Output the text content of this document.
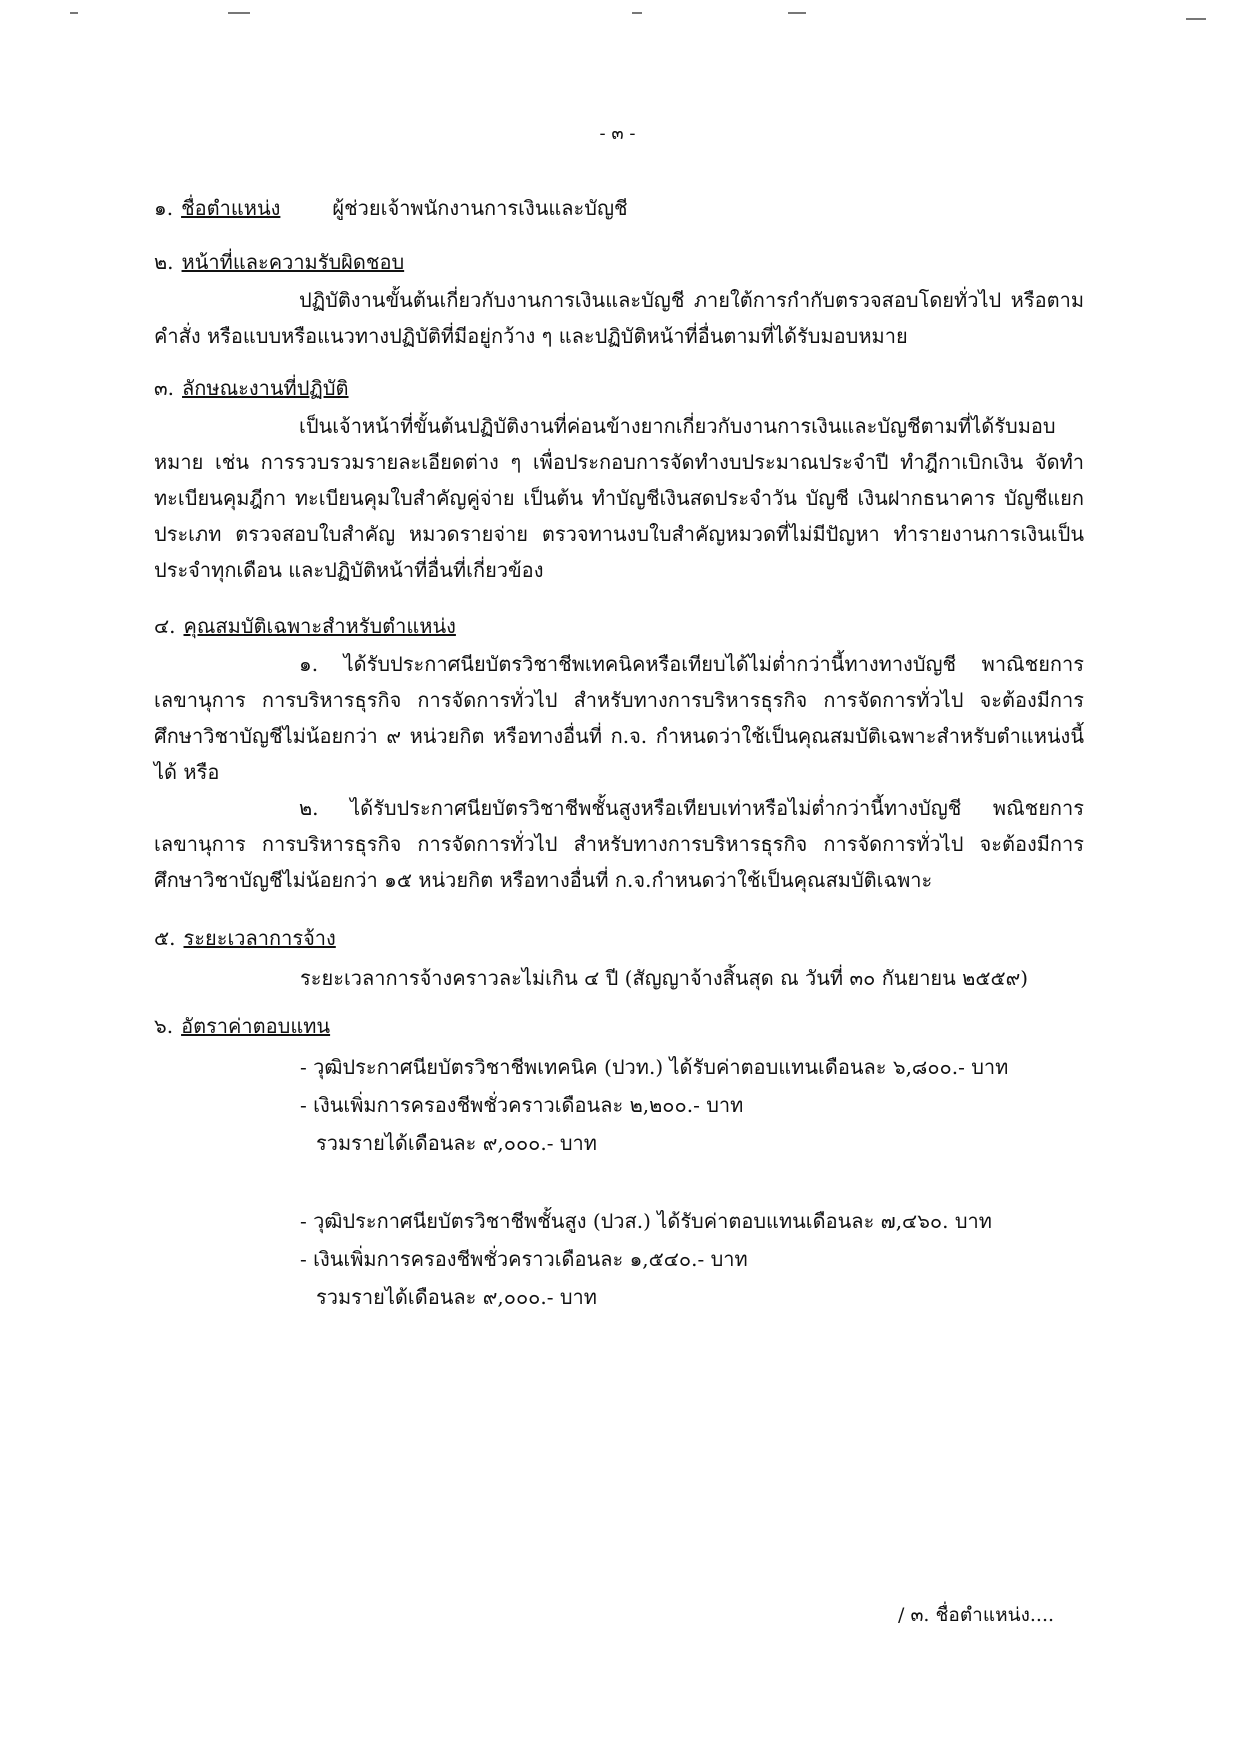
- ๓ -
๑. ชื่อตำแหน่ง	ผู้ช่วยเจ้าพนักงานการเงินและบัญชี
๒. หน้าที่และความรับผิดชอบ

ปฏิบัติงานขั้นต้นเกี่ยวกับงานการเงินและบัญชี ภายใต้การกำกับตรวจสอบโดยทั่วไป หรือตามคำสั่ง หรือแบบหรือแนวทางปฏิบัติที่มีอยู่กว้าง ๆ และปฏิบัติหน้าที่อื่นตามที่ได้รับมอบหมาย

๓. ลักษณะงานที่ปฏิบัติ

เป็นเจ้าหน้าที่ขั้นต้นปฏิบัติงานที่ค่อนข้างยากเกี่ยวกับงานการเงินและบัญชีตามที่ได้รับมอบหมาย เช่น การรวบรวมรายละเอียดต่าง ๆ เพื่อประกอบการจัดทำงบประมาณประจำปี ทำฎีกาเบิกเงิน จัดทำทะเบียนคุมฎีกา ทะเบียนคุมใบสำคัญคู่จ่าย เป็นต้น ทำบัญชีเงินสดประจำวัน บัญชี เงินฝากธนาคาร บัญชีแยกประเภท ตรวจสอบใบสำคัญ หมวดรายจ่าย ตรวจทานงบใบสำคัญหมวดที่ไม่มีปัญหา ทำรายงานการเงินเป็นประจำทุกเดือน และปฏิบัติหน้าที่อื่นที่เกี่ยวข้อง

๔. คุณสมบัติเฉพาะสำหรับตำแหน่ง

๑. ได้รับประกาศนียบัตรวิชาชีพเทคนิคหรือเทียบได้ไม่ต่ำกว่านี้ทางทางบัญชี พาณิชยการ เลขานุการ การบริหารธุรกิจ การจัดการทั่วไป สำหรับทางการบริหารธุรกิจ การจัดการทั่วไป จะต้องมีการศึกษาวิชาบัญชีไม่น้อยกว่า ๙ หน่วยกิต หรือทางอื่นที่ ก.จ. กำหนดว่าใช้เป็นคุณสมบัติเฉพาะสำหรับตำแหน่งนี้ได้ หรือ

๒. ได้รับประกาศนียบัตรวิชาชีพชั้นสูงหรือเทียบเท่าหรือไม่ต่ำกว่านี้ทางบัญชี พณิชยการ เลขานุการ การบริหารธุรกิจ การจัดการทั่วไป สำหรับทางการบริหารธุรกิจ การจัดการทั่วไป จะต้องมีการศึกษาวิชาบัญชีไม่น้อยกว่า ๑๕ หน่วยกิต หรือทางอื่นที่ ก.จ.กำหนดว่าใช้เป็นคุณสมบัติเฉพาะ

๕. ระยะเวลาการจ้าง
ระยะเวลาการจ้างคราวละไม่เกิน ๔ ปี (สัญญาจ้างสิ้นสุด ณ วันที่ ๓๐ กันยายน ๒๕๕๙)
๖. อัตราค่าตอบแทน
- วุฒิประกาศนียบัตรวิชาชีพเทคนิค (ปวท.) ได้รับค่าตอบแทนเดือนละ ๖,๘๐๐.- บาท
- เงินเพิ่มการครองชีพชั่วคราวเดือนละ ๒,๒๐๐.- บาท
รวมรายได้เดือนละ ๙,๐๐๐.- บาท
- วุฒิประกาศนียบัตรวิชาชีพชั้นสูง (ปวส.) ได้รับค่าตอบแทนเดือนละ ๗,๔๖๐. บาท
- เงินเพิ่มการครองชีพชั่วคราวเดือนละ ๑,๕๔๐.- บาท
รวมรายได้เดือนละ ๙,๐๐๐.- บาท
/ ๓. ชื่อตำแหน่ง....
